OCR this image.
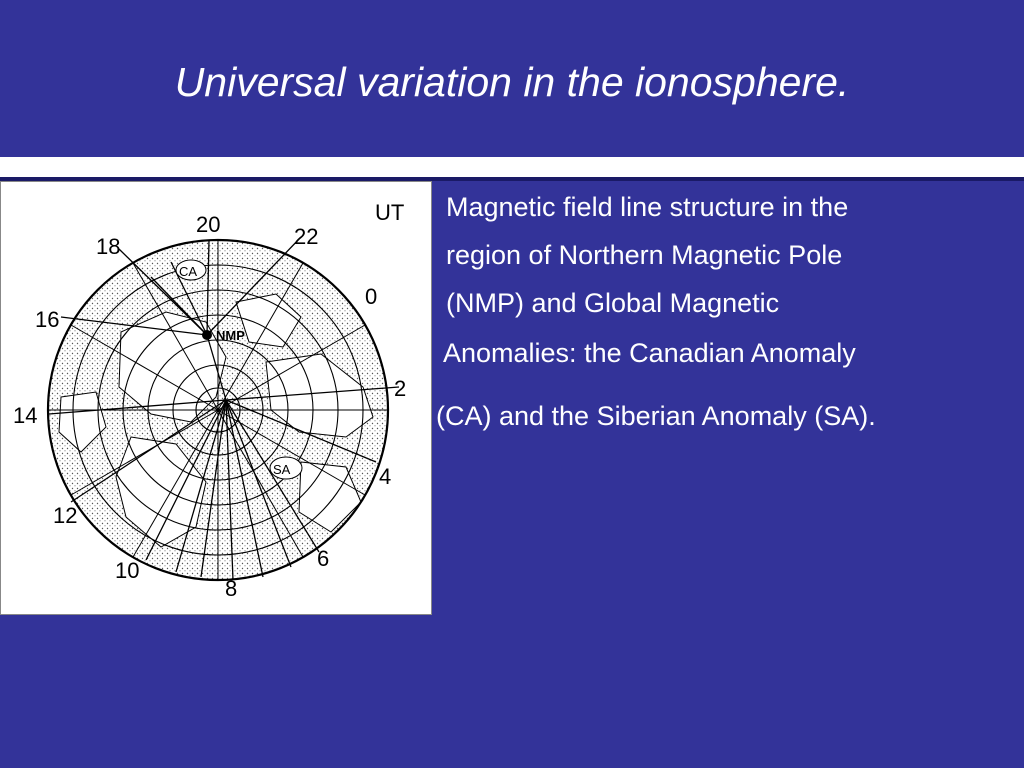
Universal variation in the ionosphere.
UT
20	22
0
2
4
6
8
10
12
14
16
18
CA
NMP
SA
Magnetic field line structure in the
region of Northern Magnetic Pole
(NMP) and Global Magnetic
Anomalies: the Canadian Anomaly
(CA) and the Siberian Anomaly (SA).
